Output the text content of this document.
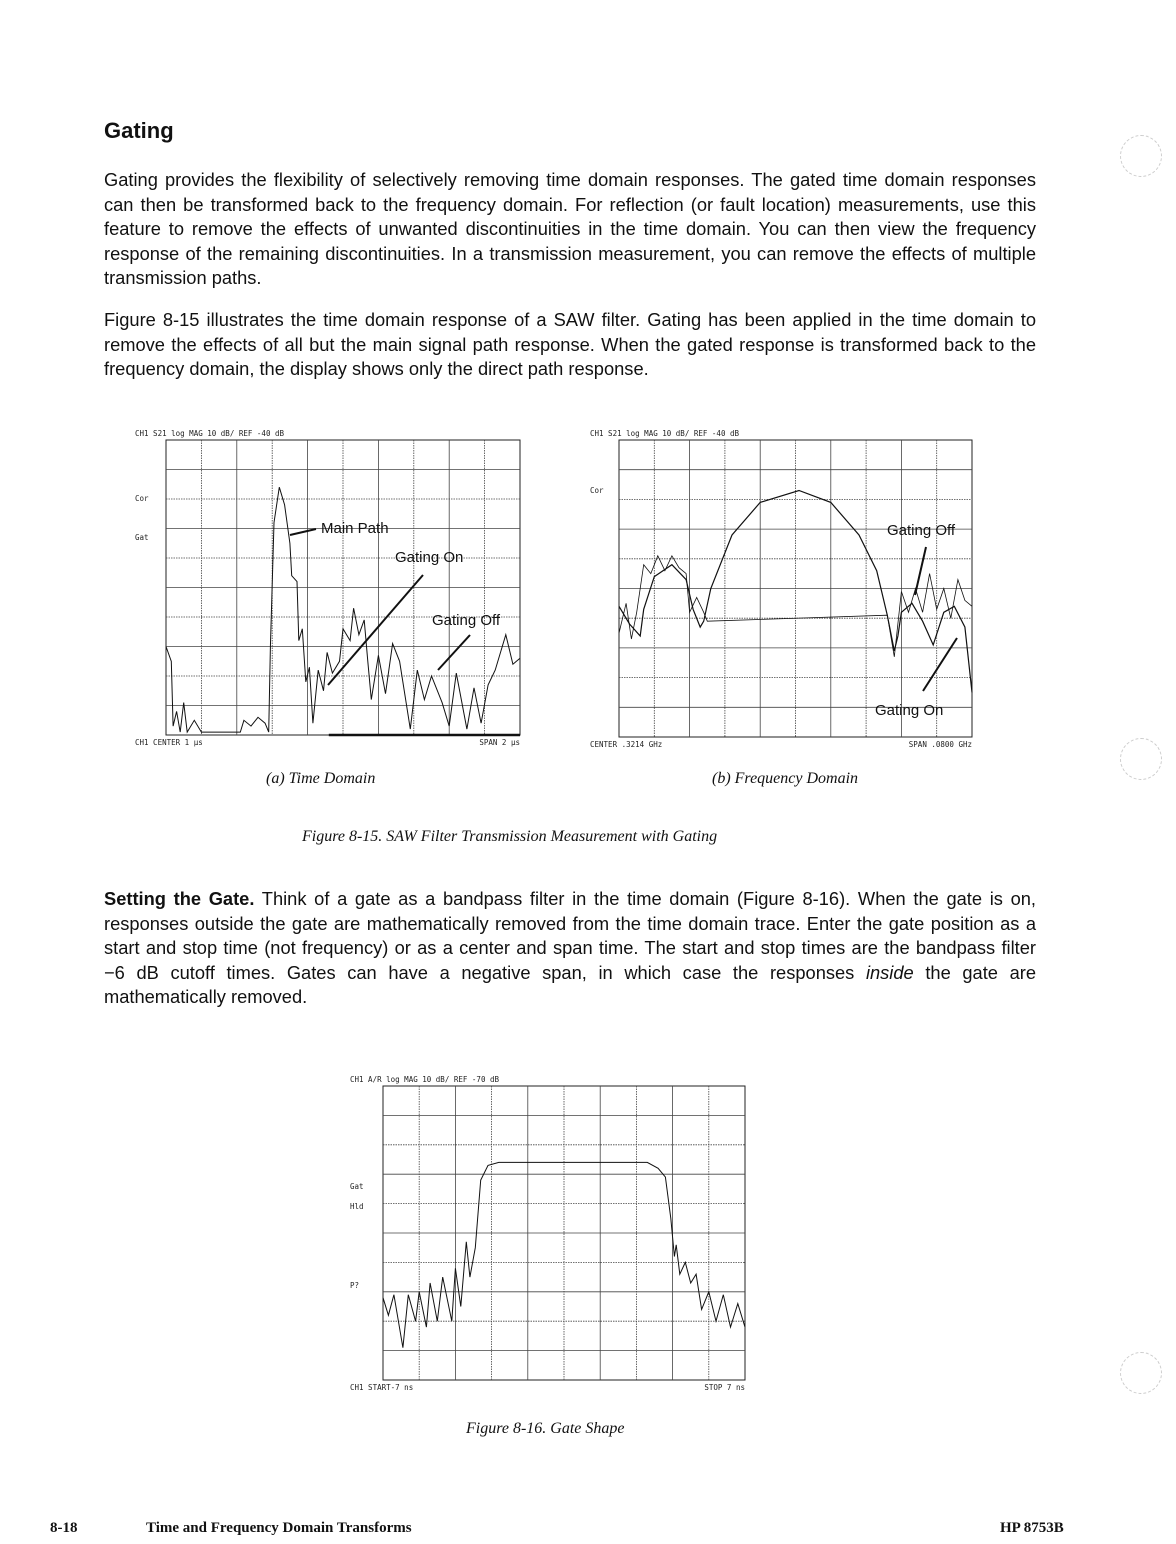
Gating
Gating provides the flexibility of selectively removing time domain responses. The gated time domain responses can then be transformed back to the frequency domain. For reflection (or fault location) measurements, use this feature to remove the effects of unwanted discontinuities in the time domain. You can then view the frequency response of the remaining discontinuities. In a transmission measurement, you can remove the effects of multiple transmission paths.
Figure 8-15 illustrates the time domain response of a SAW filter. Gating has been applied in the time domain to remove the effects of all but the main signal path response. When the gated response is transformed back to the frequency domain, the display shows only the direct path response.
CH1 S21 log MAG 10 dB/ REF -40 dB
CH1 CENTER 1 µs	SPAN 2 µs
Cor
Gat
Main Path
Gating On
Gating Off
CH1 S21 log MAG 10 dB/ REF -40 dB
CENTER .3214 GHz	SPAN .0800 GHz
Cor
Gating Off
Gating On
(a) Time Domain	(b) Frequency Domain
Figure 8-15. SAW Filter Transmission Measurement with Gating
Setting the Gate. Think of a gate as a bandpass filter in the time domain (Figure 8-16). When the gate is on, responses outside the gate are mathematically removed from the time domain trace. Enter the gate position as a start and stop time (not frequency) or as a center and span time. The start and stop times are the bandpass filter −6 dB cutoff times. Gates can have a negative span, in which case the responses inside the gate are mathematically removed.
CH1 A/R log MAG 10 dB/ REF -70 dB
CH1 START-7 ns	STOP 7 ns
Gat
Hld
P?
Figure 8-16. Gate Shape
8-18	Time and Frequency Domain Transforms	HP 8753B
